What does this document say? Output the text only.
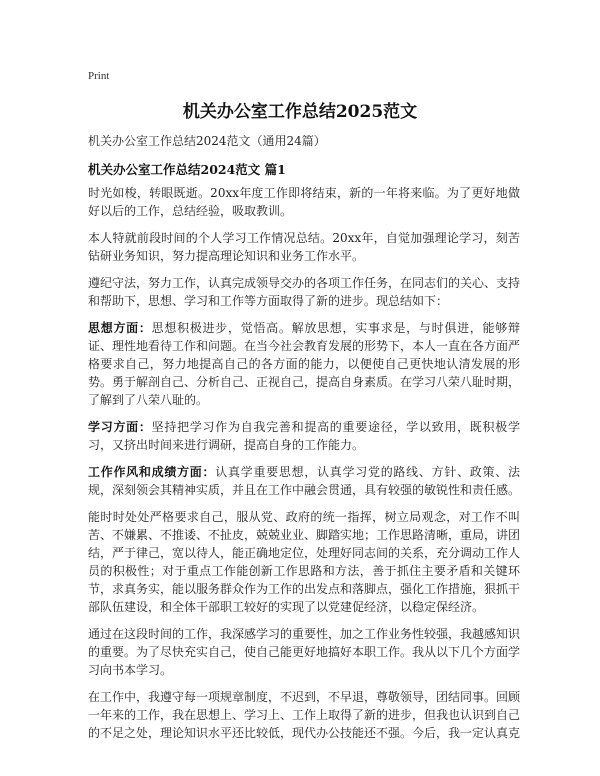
Print
机关办公室工作总结2025范文
机关办公室工作总结2024范文（通用24篇）
机关办公室工作总结2024范文 篇1

时光如梭，转眼既逝。20xx年度工作即将结束，新的一年将来临。为了更好地做好以后的工作，总结经验，吸取教训。

本人特就前段时间的个人学习工作情况总结。20xx年，自觉加强理论学习，刻苦钻研业务知识，努力提高理论知识和业务工作水平。

遵纪守法，努力工作，认真完成领导交办的各项工作任务，在同志们的关心、支持和帮助下，思想、学习和工作等方面取得了新的进步。现总结如下：

思想方面：思想积极进步，觉悟高。解放思想，实事求是，与时俱进，能够辩证、理性地看待工作和问题。在当今社会教育发展的形势下，本人一直在各方面严格要求自己，努力地提高自己的各方面的能力，以便使自己更快地认清发展的形势。勇于解剖自己、分析自己、正视自己，提高自身素质。在学习八荣八耻时期，了解到了八荣八耻的。

学习方面：坚持把学习作为自我完善和提高的重要途径，学以致用，既积极学习，又挤出时间来进行调研，提高自身的工作能力。

工作作风和成绩方面：认真学重要思想，认真学习党的路线、方针、政策、法规，深刻领会其精神实质，并且在工作中融会贯通，具有较强的敏锐性和责任感。

能时时处处严格要求自己，服从党、政府的统一指挥，树立局观念，对工作不叫苦、不嫌累、不推诿、不扯皮，兢兢业业、脚踏实地；工作思路清晰，重局，讲团结，严于律己，宽以待人，能正确地定位，处理好同志间的关系，充分调动工作人员的积极性；对于重点工作能创新工作思路和方法，善于抓住主要矛盾和关键环节，求真务实，能以服务群众作为工作的出发点和落脚点，强化工作措施，狠抓干部队伍建设，和全体干部职工较好的实现了以党建促经济，以稳定保经济。

通过在这段时间的工作，我深感学习的重要性，加之工作业务性较强，我越感知识的重要。为了尽快充实自己，使自己能更好地搞好本职工作。我从以下几个方面学习向书本学习。

在工作中，我遵守每一项规章制度，不迟到，不早退，尊敬领导，团结同事。回顾一年来的工作，我在思想上、学习上、工作上取得了新的进步，但我也认识到自己的不足之处，理论知识水平还比较低，现代办公技能还不强。今后，我一定认真克
